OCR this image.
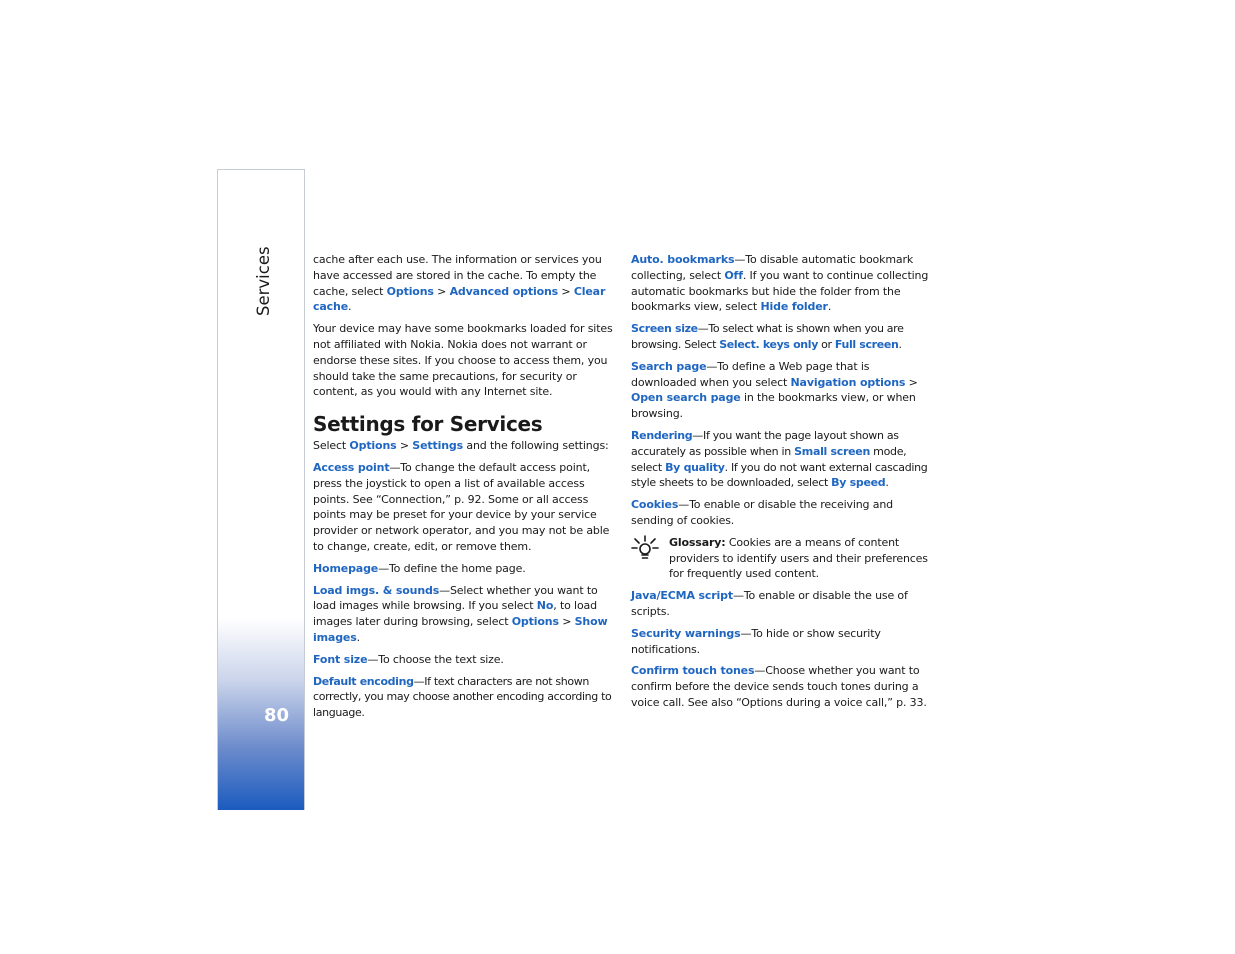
Services
80

cache after each use. The information or services you have accessed are stored in the cache. To empty the cache, select Options > Advanced options > Clear cache.

Your device may have some bookmarks loaded for sites not affiliated with Nokia. Nokia does not warrant or endorse these sites. If you choose to access them, you should take the same precautions, for security or content, as you would with any Internet site.

Settings for Services

Select Options > Settings and the following settings:

Access point—To change the default access point, press the joystick to open a list of available access points. See “Connection,” p. 92. Some or all access points may be preset for your device by your service provider or network operator, and you may not be able to change, create, edit, or remove them.

Homepage—To define the home page.

Load imgs. & sounds—Select whether you want to load images while browsing. If you select No, to load images later during browsing, select Options > Show images.

Font size—To choose the text size.

Default encoding—If text characters are not shown correctly, you may choose another encoding according to language.

Auto. bookmarks—To disable automatic bookmark collecting, select Off. If you want to continue collecting automatic bookmarks but hide the folder from the bookmarks view, select Hide folder.

Screen size—To select what is shown when you are browsing. Select Select. keys only or Full screen.

Search page—To define a Web page that is downloaded when you select Navigation options > Open search page in the bookmarks view, or when browsing.

Rendering—If you want the page layout shown as accurately as possible when in Small screen mode, select By quality. If you do not want external cascading style sheets to be downloaded, select By speed.

Cookies—To enable or disable the receiving and sending of cookies.

Glossary: Cookies are a means of content providers to identify users and their preferences for frequently used content.

Java/ECMA script—To enable or disable the use of scripts.

Security warnings—To hide or show security notifications.

Confirm touch tones—Choose whether you want to confirm before the device sends touch tones during a voice call. See also “Options during a voice call,” p. 33.
